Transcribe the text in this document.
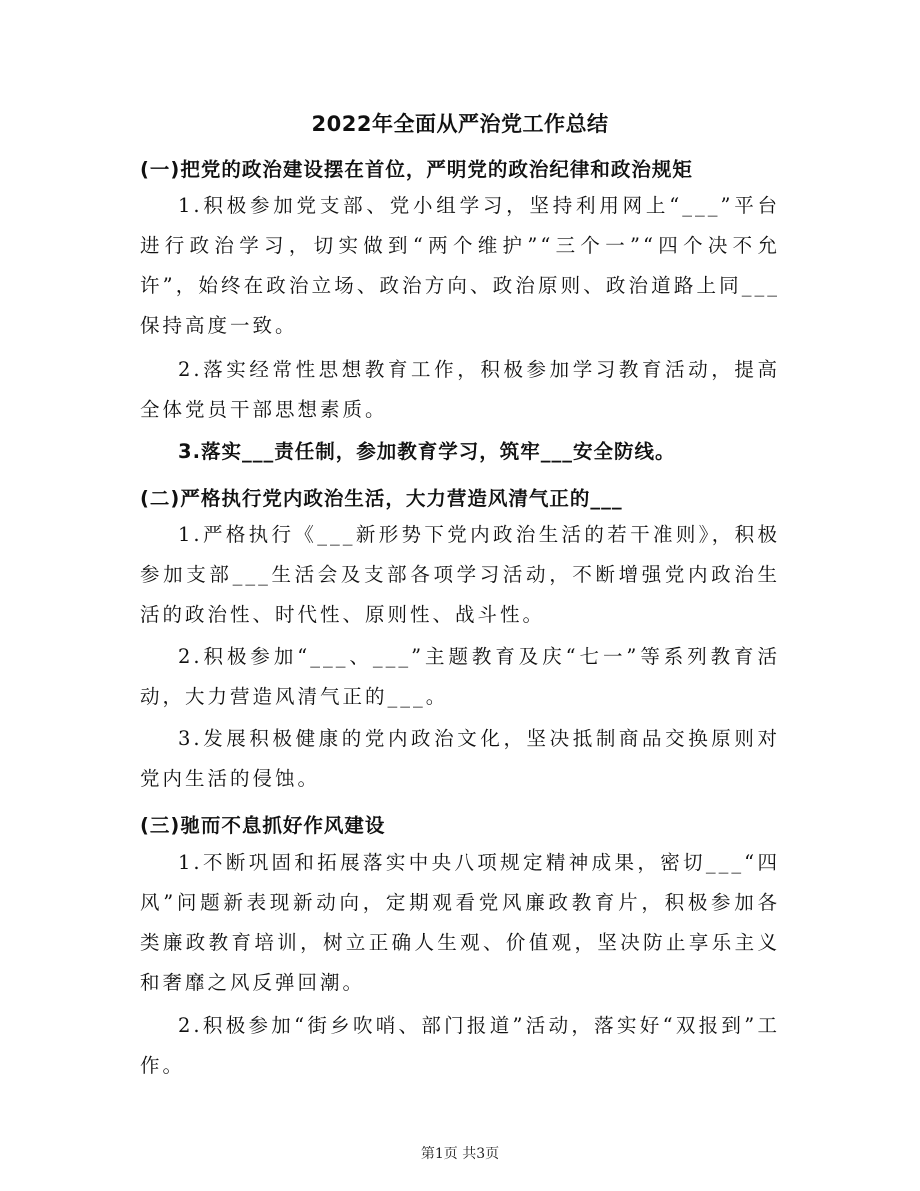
2022年全面从严治党工作总结
(一)把党的政治建设摆在首位，严明党的政治纪律和政治规矩
1.积极参加党支部、党小组学习，坚持利用网上“___”平台进行政治学习，切实做到“两个维护”“三个一”“四个决不允许”，始终在政治立场、政治方向、政治原则、政治道路上同___保持高度一致。
2.落实经常性思想教育工作，积极参加学习教育活动，提高全体党员干部思想素质。
3.落实___责任制，参加教育学习，筑牢___安全防线。
(二)严格执行党内政治生活，大力营造风清气正的___
1.严格执行《___新形势下党内政治生活的若干准则》，积极参加支部___生活会及支部各项学习活动，不断增强党内政治生活的政治性、时代性、原则性、战斗性。
2.积极参加“___、___”主题教育及庆“七一”等系列教育活动，大力营造风清气正的___。
3.发展积极健康的党内政治文化，坚决抵制商品交换原则对党内生活的侵蚀。
(三)驰而不息抓好作风建设
1.不断巩固和拓展落实中央八项规定精神成果，密切___“四风”问题新表现新动向，定期观看党风廉政教育片，积极参加各类廉政教育培训，树立正确人生观、价值观，坚决防止享乐主义和奢靡之风反弹回潮。
2.积极参加“街乡吹哨、部门报道”活动，落实好“双报到”工作。
第1页 共3页
